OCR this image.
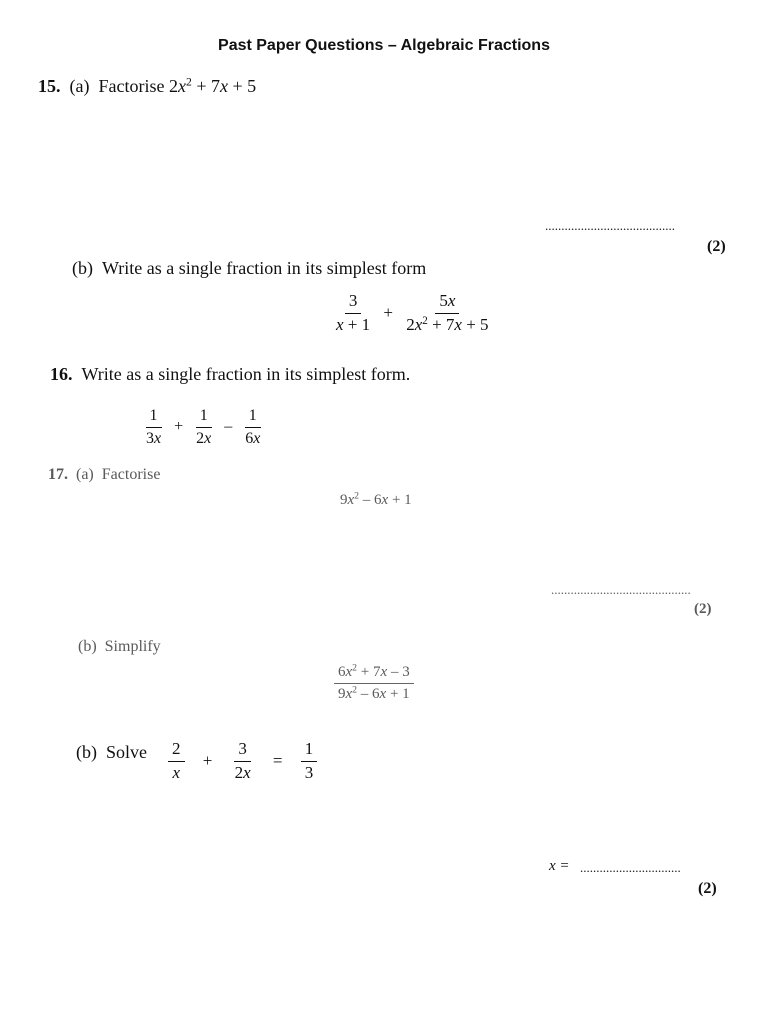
Past Paper Questions – Algebraic Fractions
15. (a) Factorise $2x^2 + 7x + 5$
........................................
(2)
(b) Write as a single fraction in its simplest form
$\frac{3}{x + 1} + \frac{5x}{2x^2 + 7x + 5}$
16. Write as a single fraction in its simplest form.
$\frac{1}{3x} + \frac{1}{2x} - \frac{1}{6x}$
17. (a) Factorise
$9x^2 - 6x + 1$
...........................................
(2)
(b) Simplify
$\frac{6x^2 + 7x - 3}{9x^2 - 6x + 1}$
(b) Solve $\frac{2}{x} + \frac{3}{2x} = \frac{1}{3}$
x = ...............................
(2)
